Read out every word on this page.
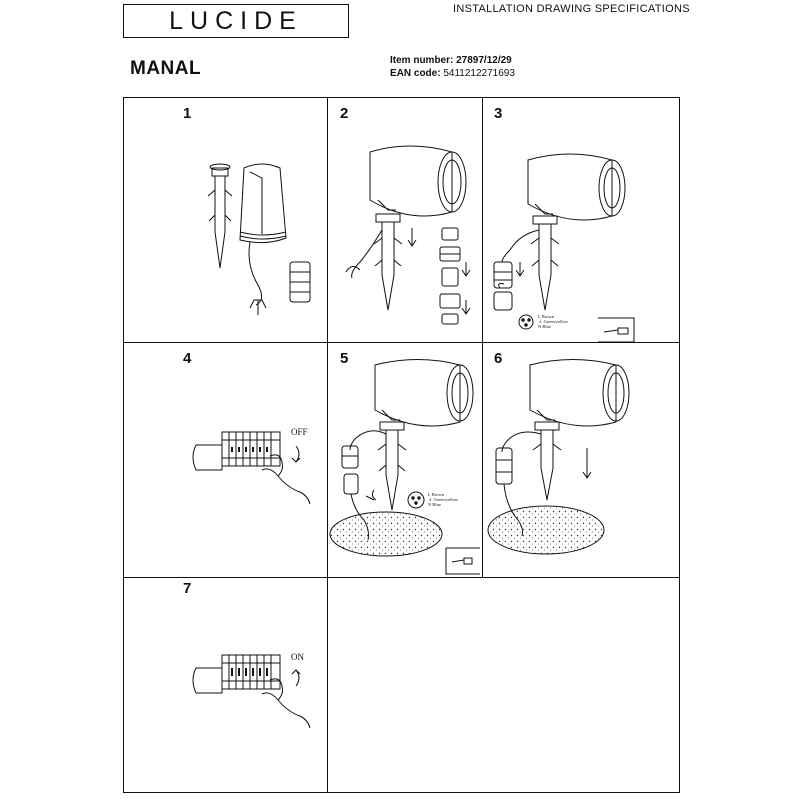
LUCIDE	INSTALLATION DRAWING SPECIFICATIONS
MANAL	Item number: 27897/12/29
EAN code: 5411212271693
1	2	3
4	5	6
7
OFF
ON
L Brown
⏚ Green/yellow
N Blue
L Brown
⏚ Green/yellow
N Blue
